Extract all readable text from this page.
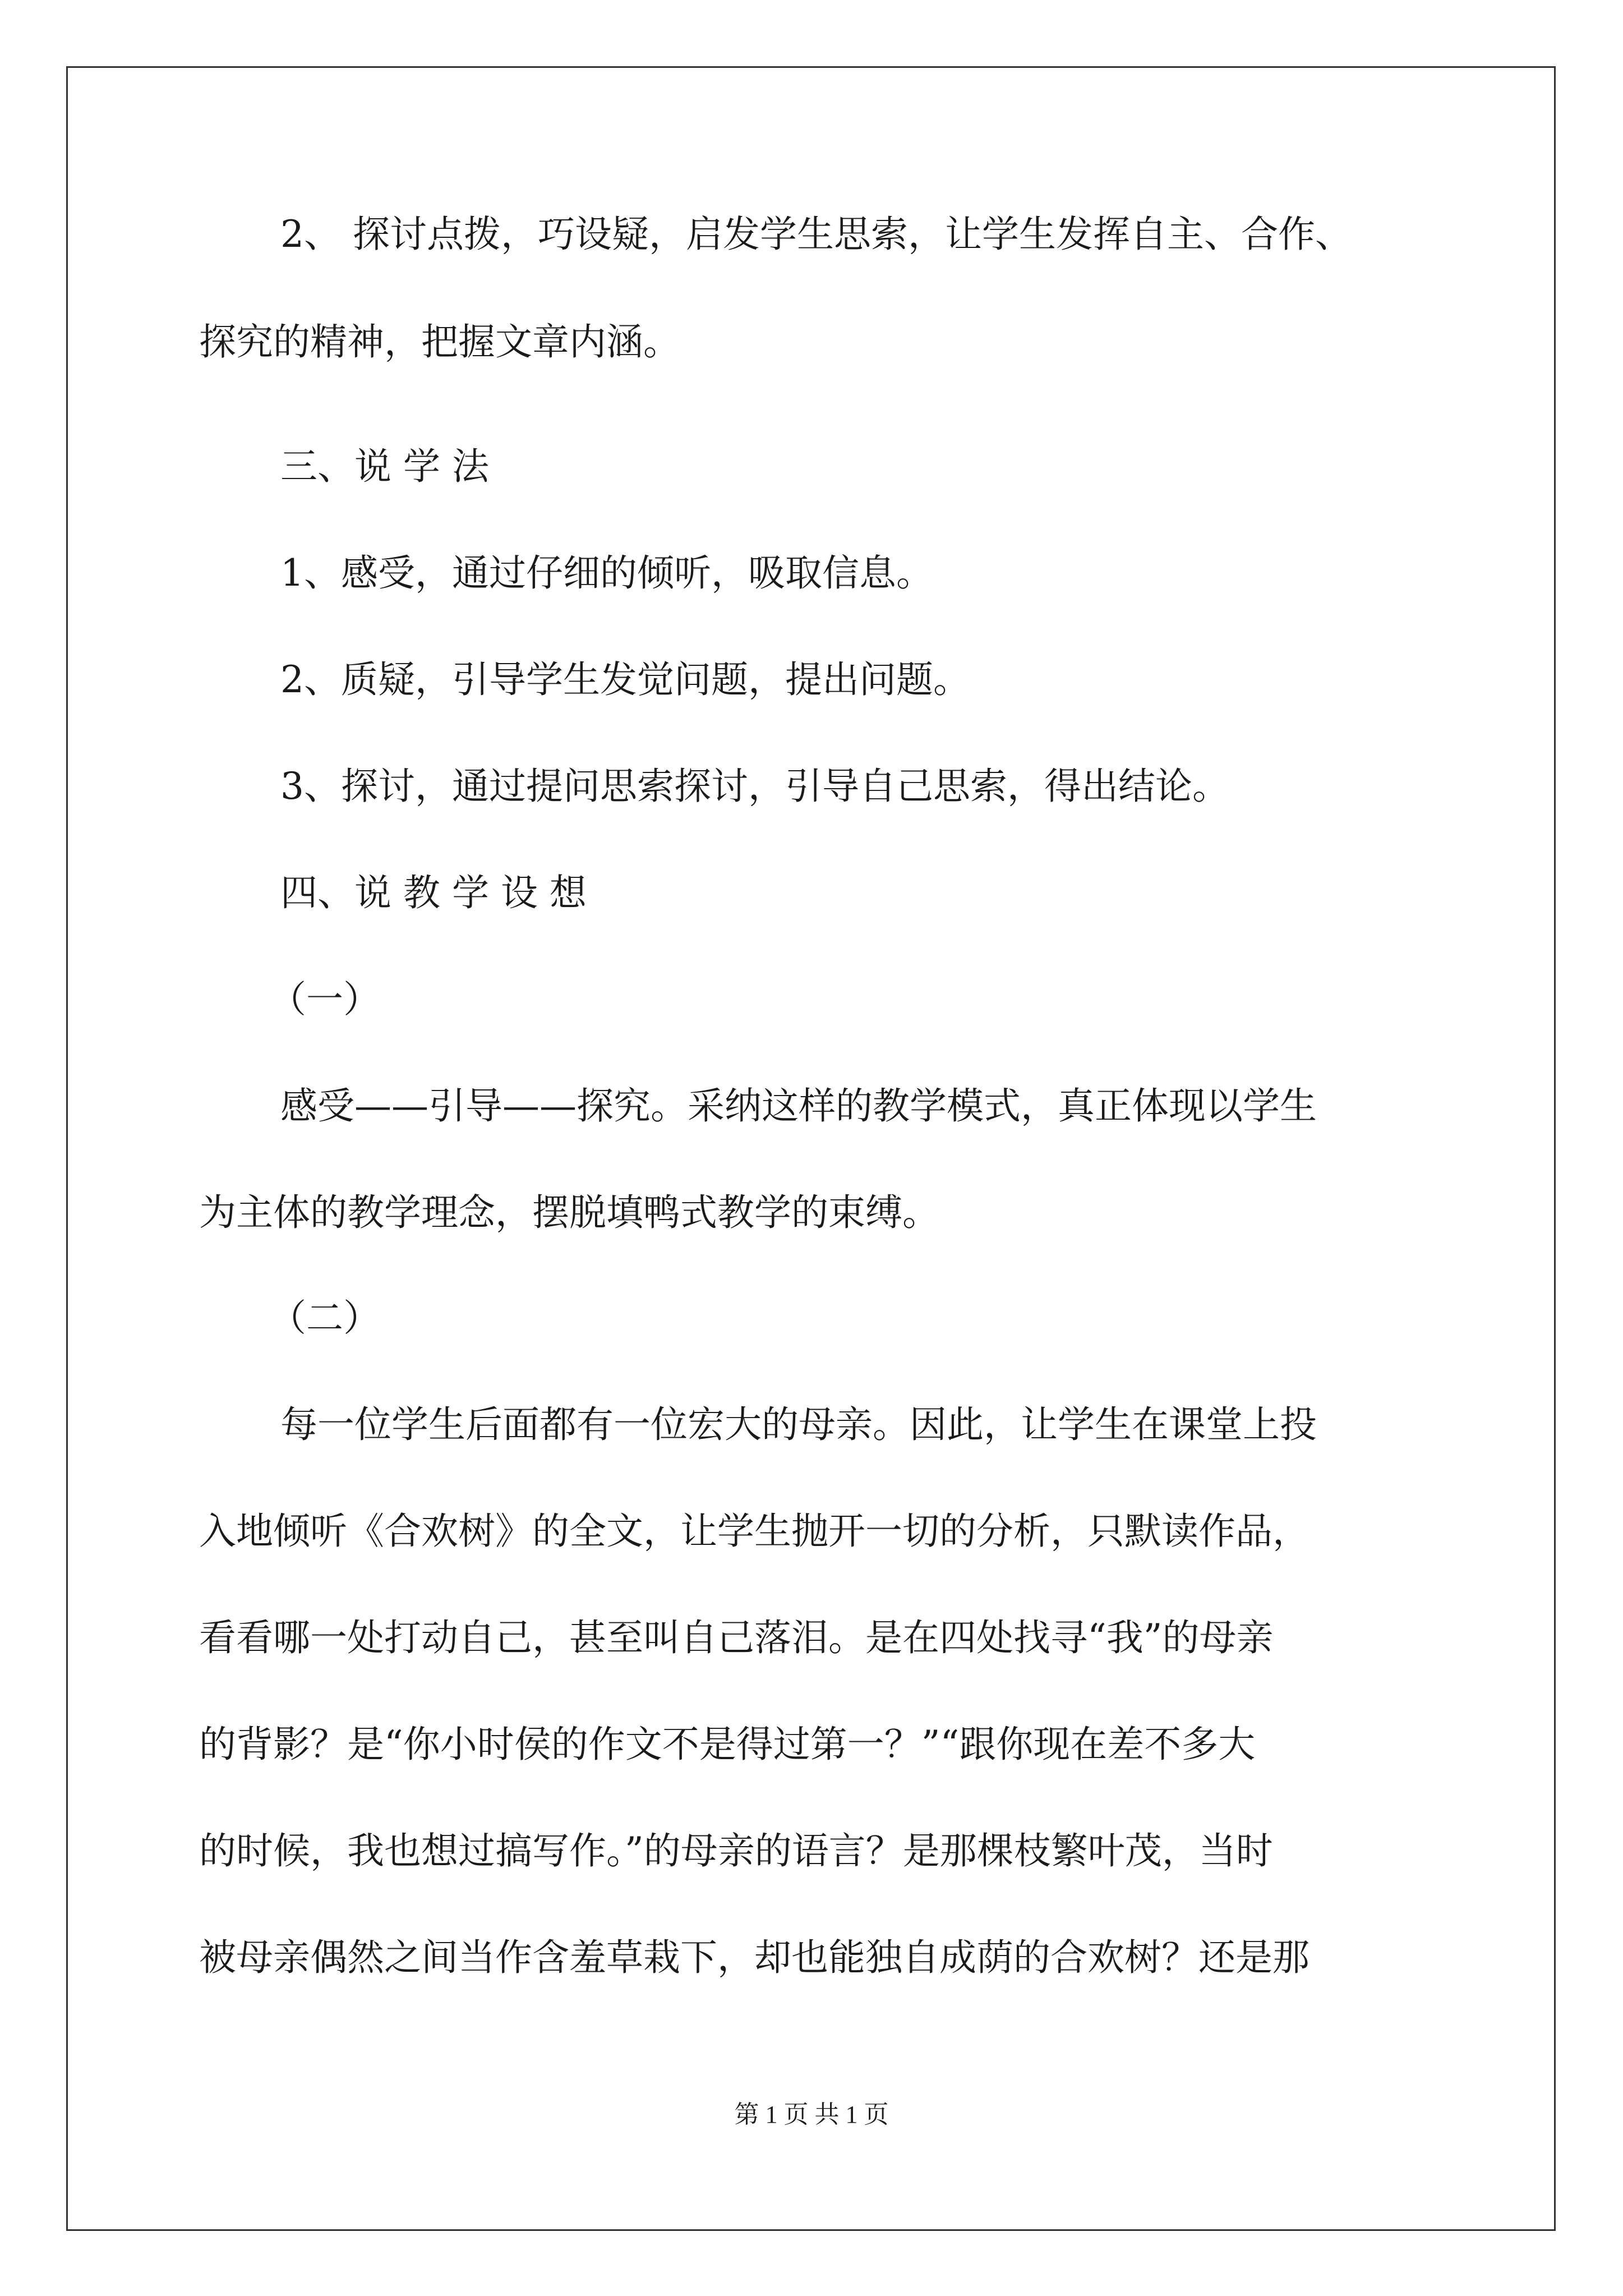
2、 探讨点拨，巧设疑，启发学生思索，让学生发挥自主、合作、

探究的精神，把握文章内涵。

三、说 学 法

1、感受，通过仔细的倾听，吸取信息。

2、质疑，引导学生发觉问题，提出问题。

3、探讨，通过提问思索探讨，引导自己思索，得出结论。

四、说 教 学 设 想

（一）

感受——引导——探究。采纳这样的教学模式，真正体现以学生

为主体的教学理念，摆脱填鸭式教学的束缚。

（二）

每一位学生后面都有一位宏大的母亲。因此，让学生在课堂上投

入地倾听《合欢树》的全文，让学生抛开一切的分析，只默读作品，

看看哪一处打动自己，甚至叫自己落泪。是在四处找寻“我”的母亲

的背影？是“你小时侯的作文不是得过第一？”“跟你现在差不多大

的时候，我也想过搞写作。”的母亲的语言？是那棵枝繁叶茂，当时

被母亲偶然之间当作含羞草栽下，却也能独自成荫的合欢树？还是那

第 1 页 共 1 页
